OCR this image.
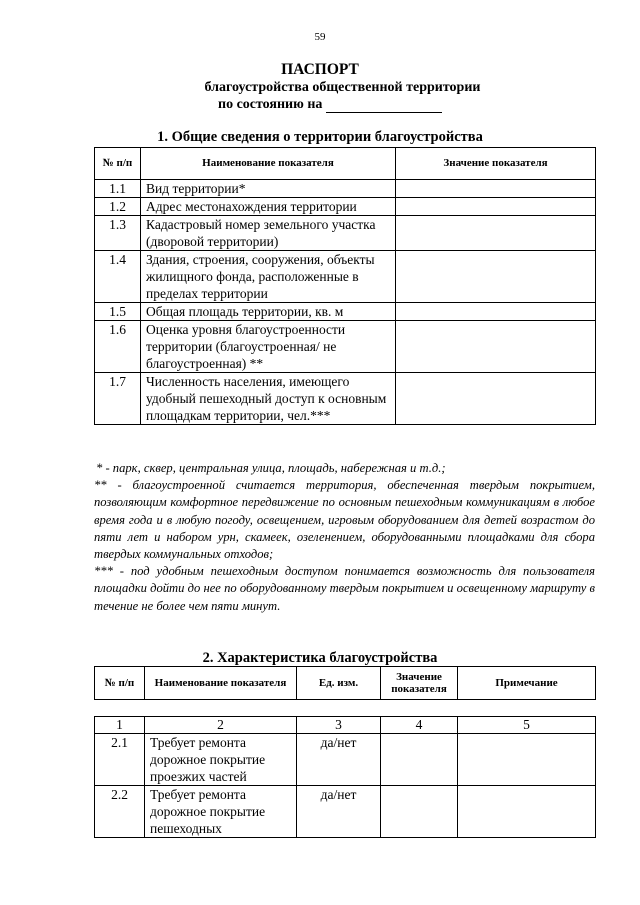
59
ПАСПОРТ
благоустройства общественной территории
по состоянию на
1. Общие сведения о территории благоустройства
№ п/п	Наименование показателя	Значение показателя
1.1	Вид территории*	
1.2	Адрес местонахождения территории	
1.3	Кадастровый номер земельного участка (дворовой территории)	
1.4	Здания, строения, сооружения, объекты жилищного фонда, расположенные в пределах территории	
1.5	Общая площадь территории, кв. м	
1.6	Оценка уровня благоустроенности территории (благоустроенная/ не благоустроенная) **	
1.7	Численность населения, имеющего удобный пешеходный доступ к основным площадкам территории, чел.***	

* - парк, сквер, центральная улица, площадь, набережная и т.д.;

** - благоустроенной считается территория, обеспеченная твердым покрытием, позволяющим комфортное передвижение по основным пешеходным коммуникациям в любое время года и в любую погоду, освещением, игровым оборудованием для детей возрастом до пяти лет и набором урн, скамеек, озеленением, оборудованными площадками для сбора твердых коммунальных отходов;

*** - под удобным пешеходным доступом понимается возможность для пользователя площадки дойти до нее по оборудованному твердым покрытием и освещенному маршруту в течение не более чем пяти минут.

2. Характеристика благоустройства
№ п/п	Наименование показателя	Ед. изм.	Значение показателя	Примечание
1	2	3	4	5
2.1	Требует ремонта дорожное покрытие проезжих частей	да/нет		
2.2	Требует ремонта дорожное покрытие пешеходных	да/нет		
